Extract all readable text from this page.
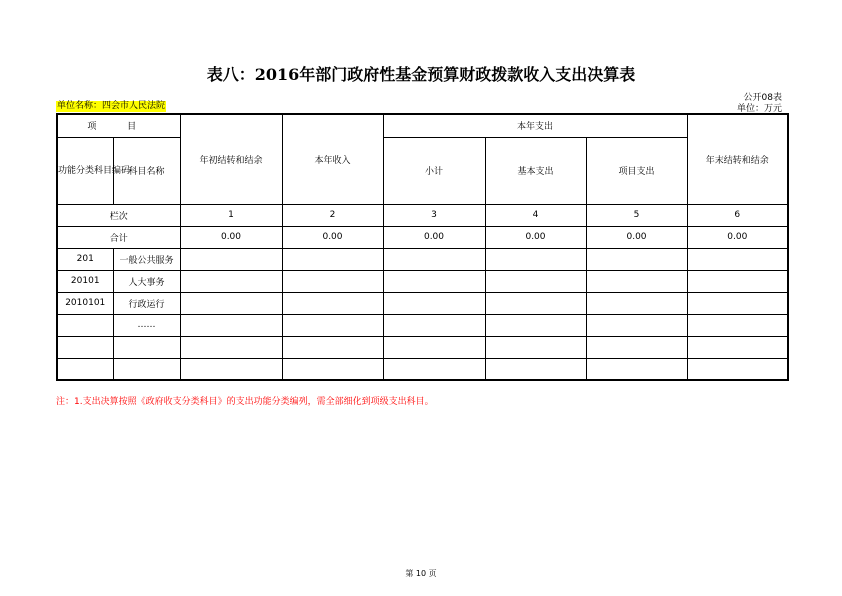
表八：2016年部门政府性基金预算财政拨款收入支出决算表
公开08表
单位名称：四会市人民法院	单位：万元
项 目		年初结转和结余	本年收入	本年支出			年末结转和结余
功能分类科目编码	科目名称			小计	基本支出	项目支出	

栏次		1	2	3	4	5	6
合计		0.00	0.00	0.00	0.00	0.00	0.00
201	一般公共服务						
20101	人大事务						
2010101	行政运行						
	……						

注：1.支出决算按照《政府收支分类科目》的支出功能分类编列，需全部细化到项级支出科目。
第 10 页
